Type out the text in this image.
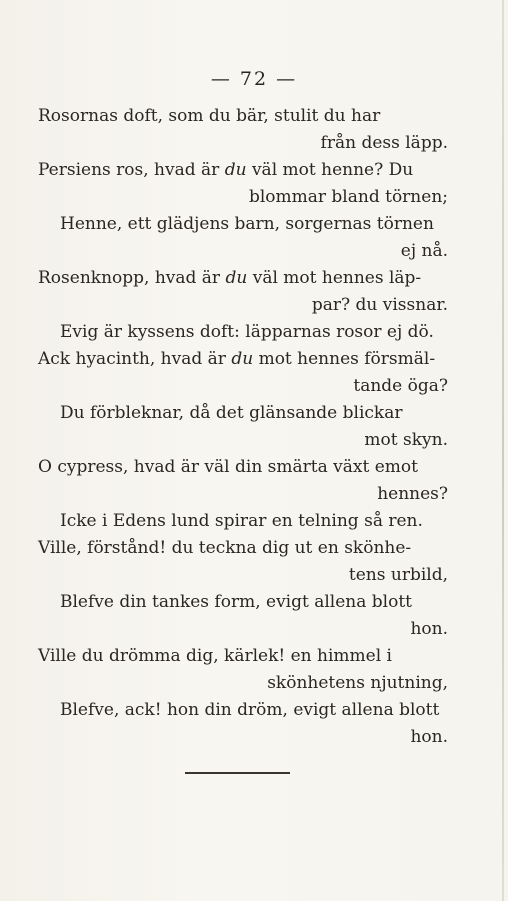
— 72 —
Rosornas doft, som du bär, stulit du har
från dess läpp.
Persiens ros, hvad är du väl mot henne? Du
blommar bland törnen;
Henne, ett glädjens barn, sorgernas törnen
ej nå.
Rosenknopp, hvad är du väl mot hennes läp-
par? du vissnar.
Evig är kyssens doft: läpparnas rosor ej dö.
Ack hyacinth, hvad är du mot hennes försmäl-
tande öga?
Du förbleknar, då det glänsande blickar
mot skyn.
O cypress, hvad är väl din smärta växt emot
hennes?
Icke i Edens lund spirar en telning så ren.
Ville, förstånd! du teckna dig ut en skönhe-
tens urbild,
Blefve din tankes form, evigt allena blott
hon.
Ville du drömma dig, kärlek! en himmel i
skönhetens njutning,
Blefve, ack! hon din dröm, evigt allena blott
hon.
